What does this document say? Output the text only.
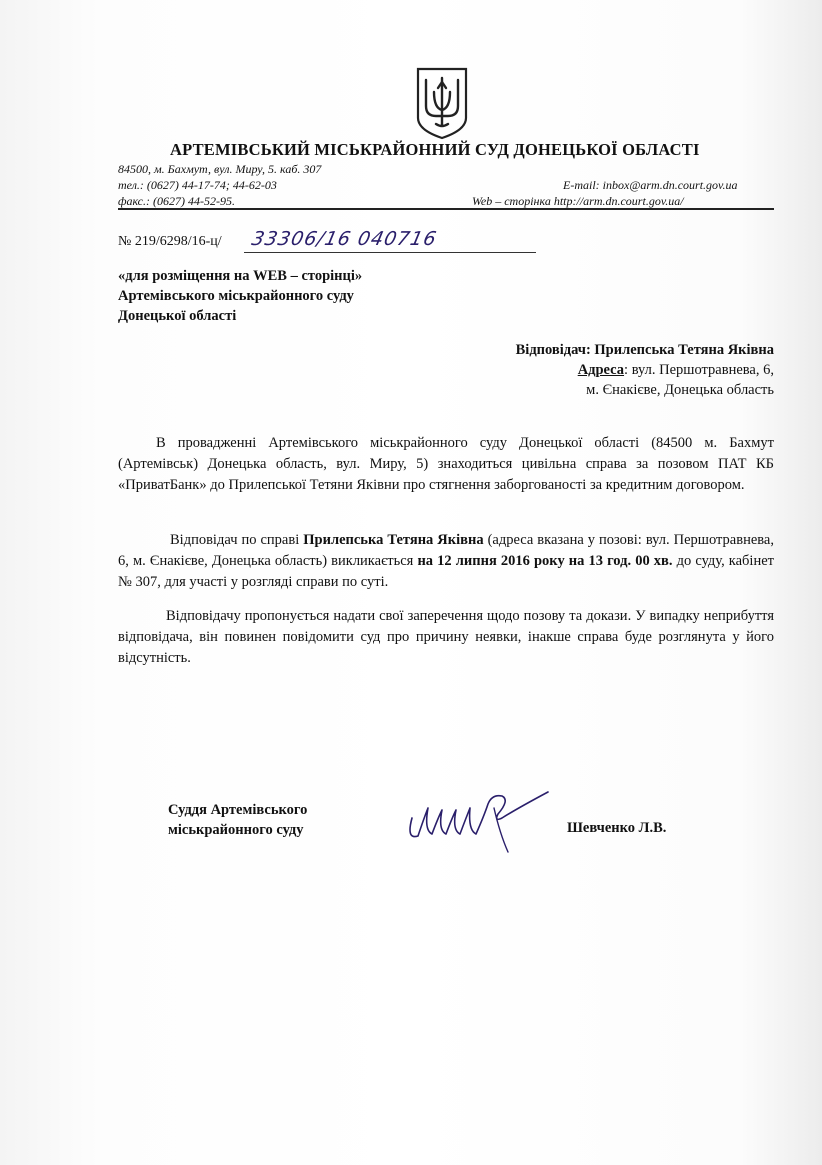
АРТЕМІВСЬКИЙ МІСЬКРАЙОННИЙ СУД ДОНЕЦЬКОЇ ОБЛАСТІ
84500, м. Бахмут, вул. Миру, 5. каб. 307
тел.: (0627) 44-17-74; 44-62-03	E-mail: inbox@arm.dn.court.gov.ua
факс.: (0627) 44-52-95.	Web – сторінка http://arm.dn.court.gov.ua/
№ 219/6298/16-ц/ 33306/16 040716
«для розміщення на WEB – сторінці»
Артемівського міськрайонного суду
Донецької області
Відповідач: Прилепська Тетяна Яківна
Адреса: вул. Першотравнева, 6,
м. Єнакієве, Донецька область

В провадженні Артемівського міськрайонного суду Донецької області (84500 м. Бахмут (Артемівськ) Донецька область, вул. Миру, 5) знаходиться цивільна справа за позовом ПАТ КБ «ПриватБанк» до Прилепської Тетяни Яківни про стягнення заборгованості за кредитним договором.

Відповідач по справі Прилепська Тетяна Яківна (адреса вказана у позові: вул. Першотравнева, 6, м. Єнакієве, Донецька область) викликається на 12 липня 2016 року на 13 год. 00 хв. до суду, кабінет № 307, для участі у розгляді справи по суті.

Відповідачу пропонується надати свої заперечення щодо позову та докази. У випадку неприбуття відповідача, він повинен повідомити суд про причину неявки, інакше справа буде розглянута у його відсутність.

Суддя Артемівського
міськрайонного суду	Шевченко Л.В.
